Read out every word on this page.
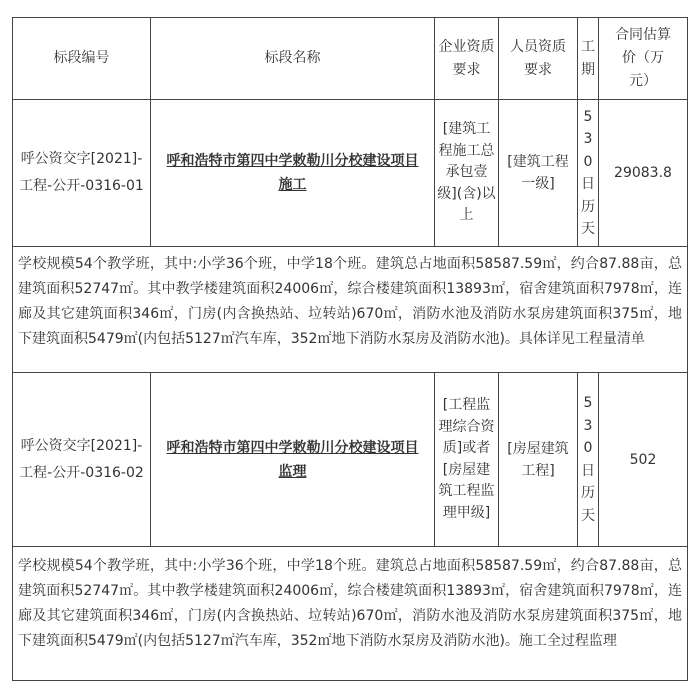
标段编号	标段名称
企业资质要求
人员资质要求
工期
合同估算价（万元）
呼公资交字[2021]-工程-公开-0316-01
呼和浩特市第四中学敕勒川分校建设项目施工
[建筑工程施工总承包壹级](含)以上
[建筑工程一级]
5
3
0
日
历
天
29083.8
学校规模54个教学班，其中:小学36个班，中学18个班。建筑总占地面积58587.59㎡，约合87.88亩，总建筑面积52747㎡。其中教学楼建筑面积24006㎡，综合楼建筑面积13893㎡，宿舍建筑面积7978㎡，连廊及其它建筑面积346㎡，门房(内含换热站、垃转站)670㎡，消防水池及消防水泵房建筑面积375㎡，地下建筑面积5479㎡(内包括5127㎡汽车库，352㎡地下消防水泵房及消防水池)。具体详见工程量清单
呼公资交字[2021]-工程-公开-0316-02
呼和浩特市第四中学敕勒川分校建设项目监理
[工程监理综合资质]或者[房屋建筑工程监理甲级]
[房屋建筑工程]
5
3
0
日
历
天
502
学校规模54个教学班，其中:小学36个班，中学18个班。建筑总占地面积58587.59㎡，约合87.88亩，总建筑面积52747㎡。其中教学楼建筑面积24006㎡，综合楼建筑面积13893㎡，宿舍建筑面积7978㎡，连廊及其它建筑面积346㎡，门房(内含换热站、垃转站)670㎡，消防水池及消防水泵房建筑面积375㎡，地下建筑面积5479㎡(内包括5127㎡汽车库，352㎡地下消防水泵房及消防水池)。施工全过程监理
